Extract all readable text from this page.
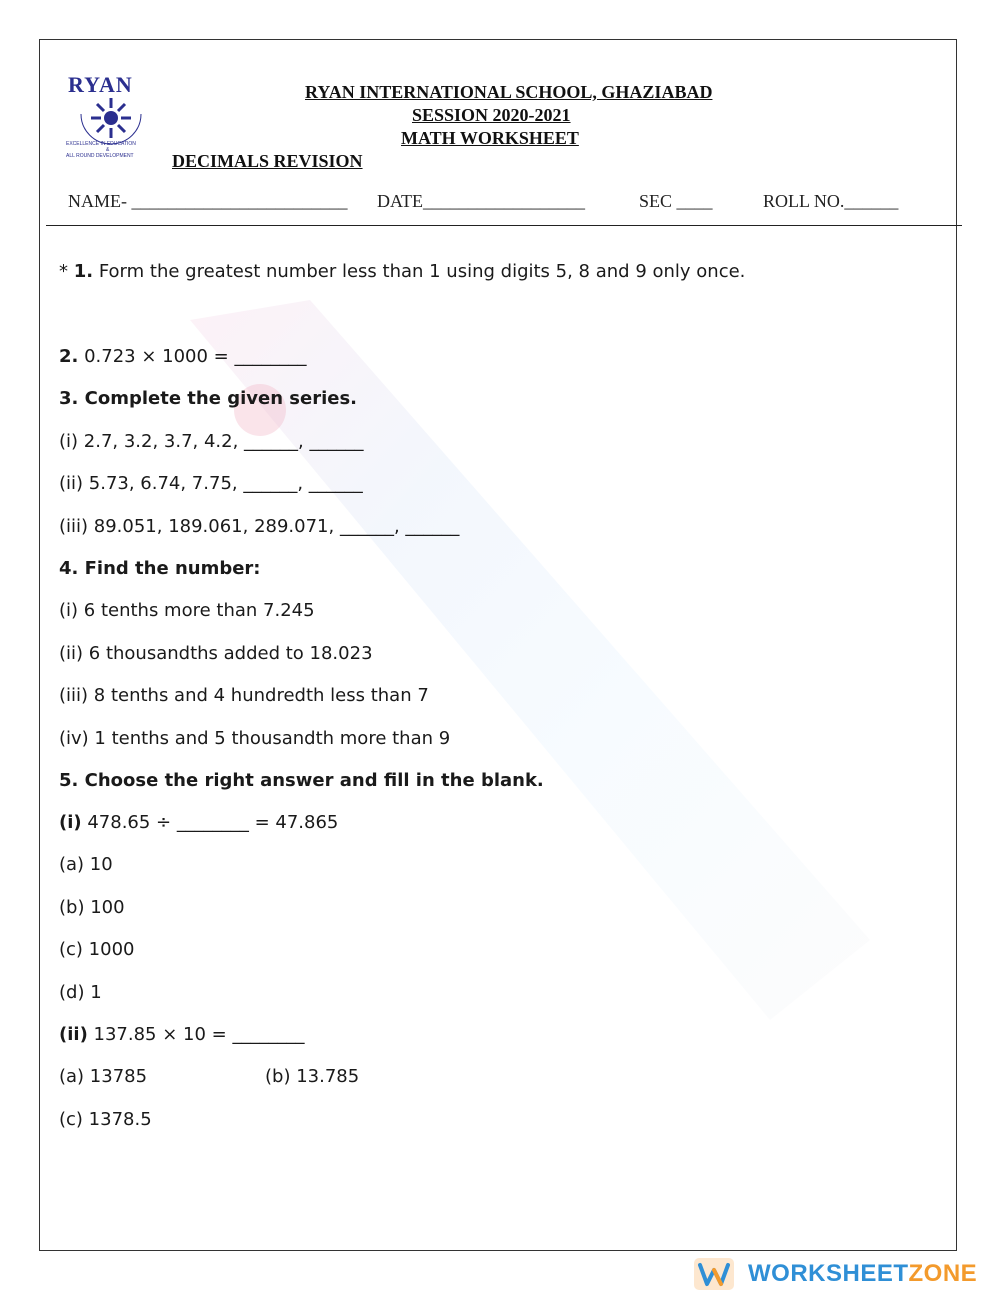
RYAN
EXCELLENCE IN EDUCATION
&
ALL ROUND DEVELOPMENT
RYAN INTERNATIONAL SCHOOL, GHAZIABAD
SESSION 2020-2021
MATH WORKSHEET
DECIMALS REVISION
NAME- ________________________ DATE__________________	SEC ____	ROLL NO.______
* 1. Form the greatest number less than 1 using digits 5, 8 and 9 only once.
2. 0.723 × 1000 = ________
3. Complete the given series.
(i) 2.7, 3.2, 3.7, 4.2, ______, ______
(ii) 5.73, 6.74, 7.75, ______, ______
(iii) 89.051, 189.061, 289.071, ______, ______
4. Find the number:
(i) 6 tenths more than 7.245
(ii) 6 thousandths added to 18.023
(iii) 8 tenths and 4 hundredth less than 7
(iv) 1 tenths and 5 thousandth more than 9
5. Choose the right answer and fill in the blank.
(i) 478.65 ÷ ________ = 47.865
(a) 10
(b) 100
(c) 1000
(d) 1
(ii) 137.85 × 10 = ________
(a) 13785	(b) 13.785
(c) 1378.5
WORKSHEETZONE
